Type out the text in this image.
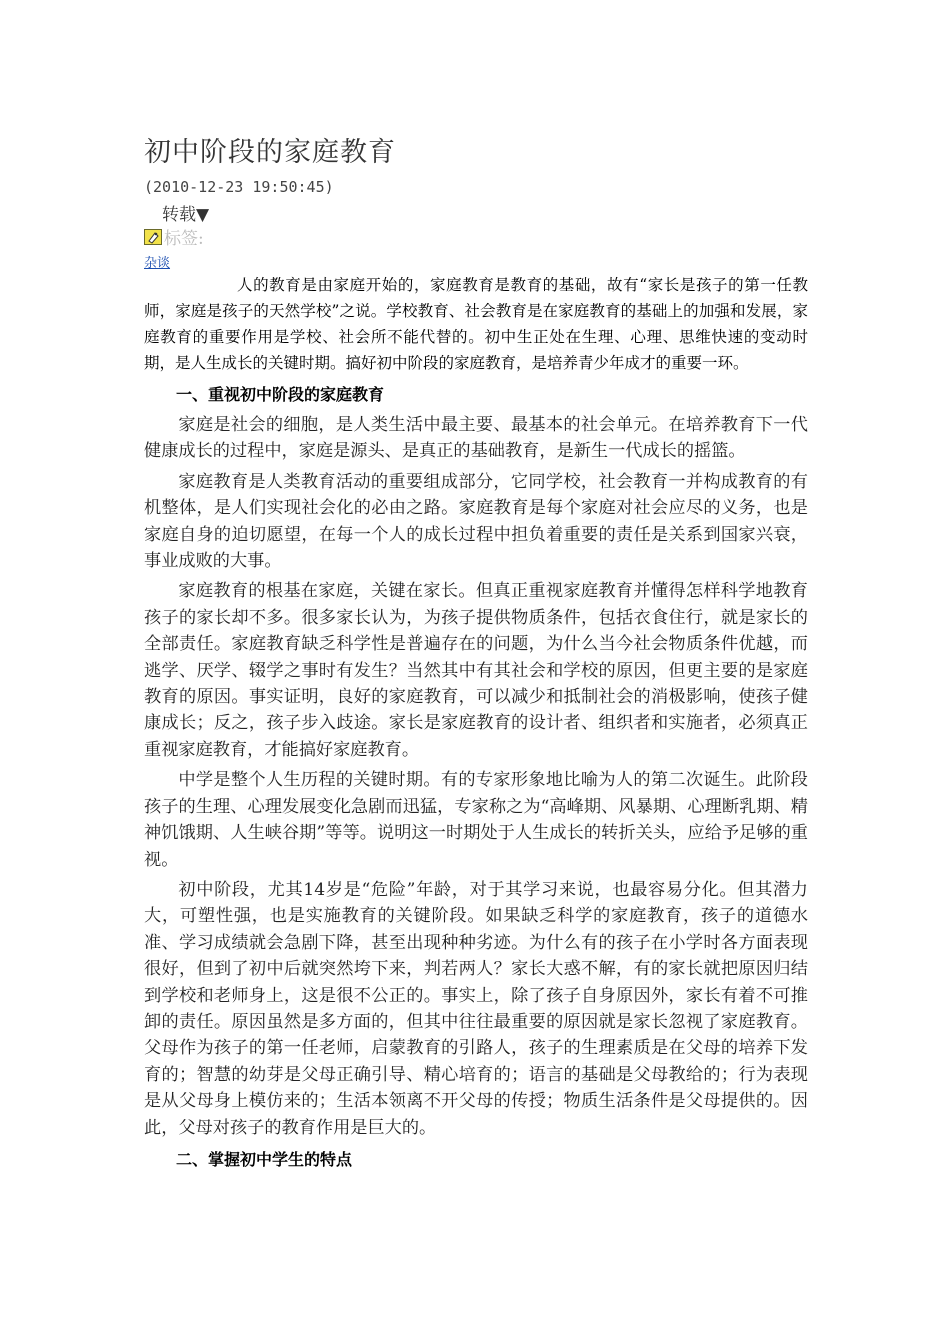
初中阶段的家庭教育
(2010-12-23 19:50:45)
转载▼
标签:
杂谈

人的教育是由家庭开始的，家庭教育是教育的基础，故有“家长是孩子的第一任教师，家庭是孩子的天然学校”之说。学校教育、社会教育是在家庭教育的基础上的加强和发展，家庭教育的重要作用是学校、社会所不能代替的。初中生正处在生理、心理、思维快速的变动时期，是人生成长的关键时期。搞好初中阶段的家庭教育，是培养青少年成才的重要一环。

一、重视初中阶段的家庭教育

家庭是社会的细胞，是人类生活中最主要、最基本的社会单元。在培养教育下一代健康成长的过程中，家庭是源头、是真正的基础教育，是新生一代成长的摇篮。

家庭教育是人类教育活动的重要组成部分，它同学校，社会教育一并构成教育的有机整体，是人们实现社会化的必由之路。家庭教育是每个家庭对社会应尽的义务，也是家庭自身的迫切愿望，在每一个人的成长过程中担负着重要的责任是关系到国家兴衰，事业成败的大事。

家庭教育的根基在家庭，关键在家长。但真正重视家庭教育并懂得怎样科学地教育孩子的家长却不多。很多家长认为，为孩子提供物质条件，包括衣食住行，就是家长的全部责任。家庭教育缺乏科学性是普遍存在的问题，为什么当今社会物质条件优越，而逃学、厌学、辍学之事时有发生？当然其中有其社会和学校的原因，但更主要的是家庭教育的原因。事实证明，良好的家庭教育，可以减少和抵制社会的消极影响，使孩子健康成长；反之，孩子步入歧途。家长是家庭教育的设计者、组织者和实施者，必须真正重视家庭教育，才能搞好家庭教育。

中学是整个人生历程的关键时期。有的专家形象地比喻为人的第二次诞生。此阶段孩子的生理、心理发展变化急剧而迅猛，专家称之为“高峰期、风暴期、心理断乳期、精神饥饿期、人生峡谷期”等等。说明这一时期处于人生成长的转折关头，应给予足够的重视。

初中阶段，尤其14岁是“危险”年龄，对于其学习来说，也最容易分化。但其潜力大，可塑性强，也是实施教育的关键阶段。如果缺乏科学的家庭教育，孩子的道德水准、学习成绩就会急剧下降，甚至出现种种劣迹。为什么有的孩子在小学时各方面表现很好，但到了初中后就突然垮下来，判若两人？家长大惑不解，有的家长就把原因归结到学校和老师身上，这是很不公正的。事实上，除了孩子自身原因外，家长有着不可推卸的责任。原因虽然是多方面的，但其中往往最重要的原因就是家长忽视了家庭教育。父母作为孩子的第一任老师，启蒙教育的引路人，孩子的生理素质是在父母的培养下发育的；智慧的幼芽是父母正确引导、精心培育的；语言的基础是父母教给的；行为表现是从父母身上模仿来的；生活本领离不开父母的传授；物质生活条件是父母提供的。因此，父母对孩子的教育作用是巨大的。

二、掌握初中学生的特点
